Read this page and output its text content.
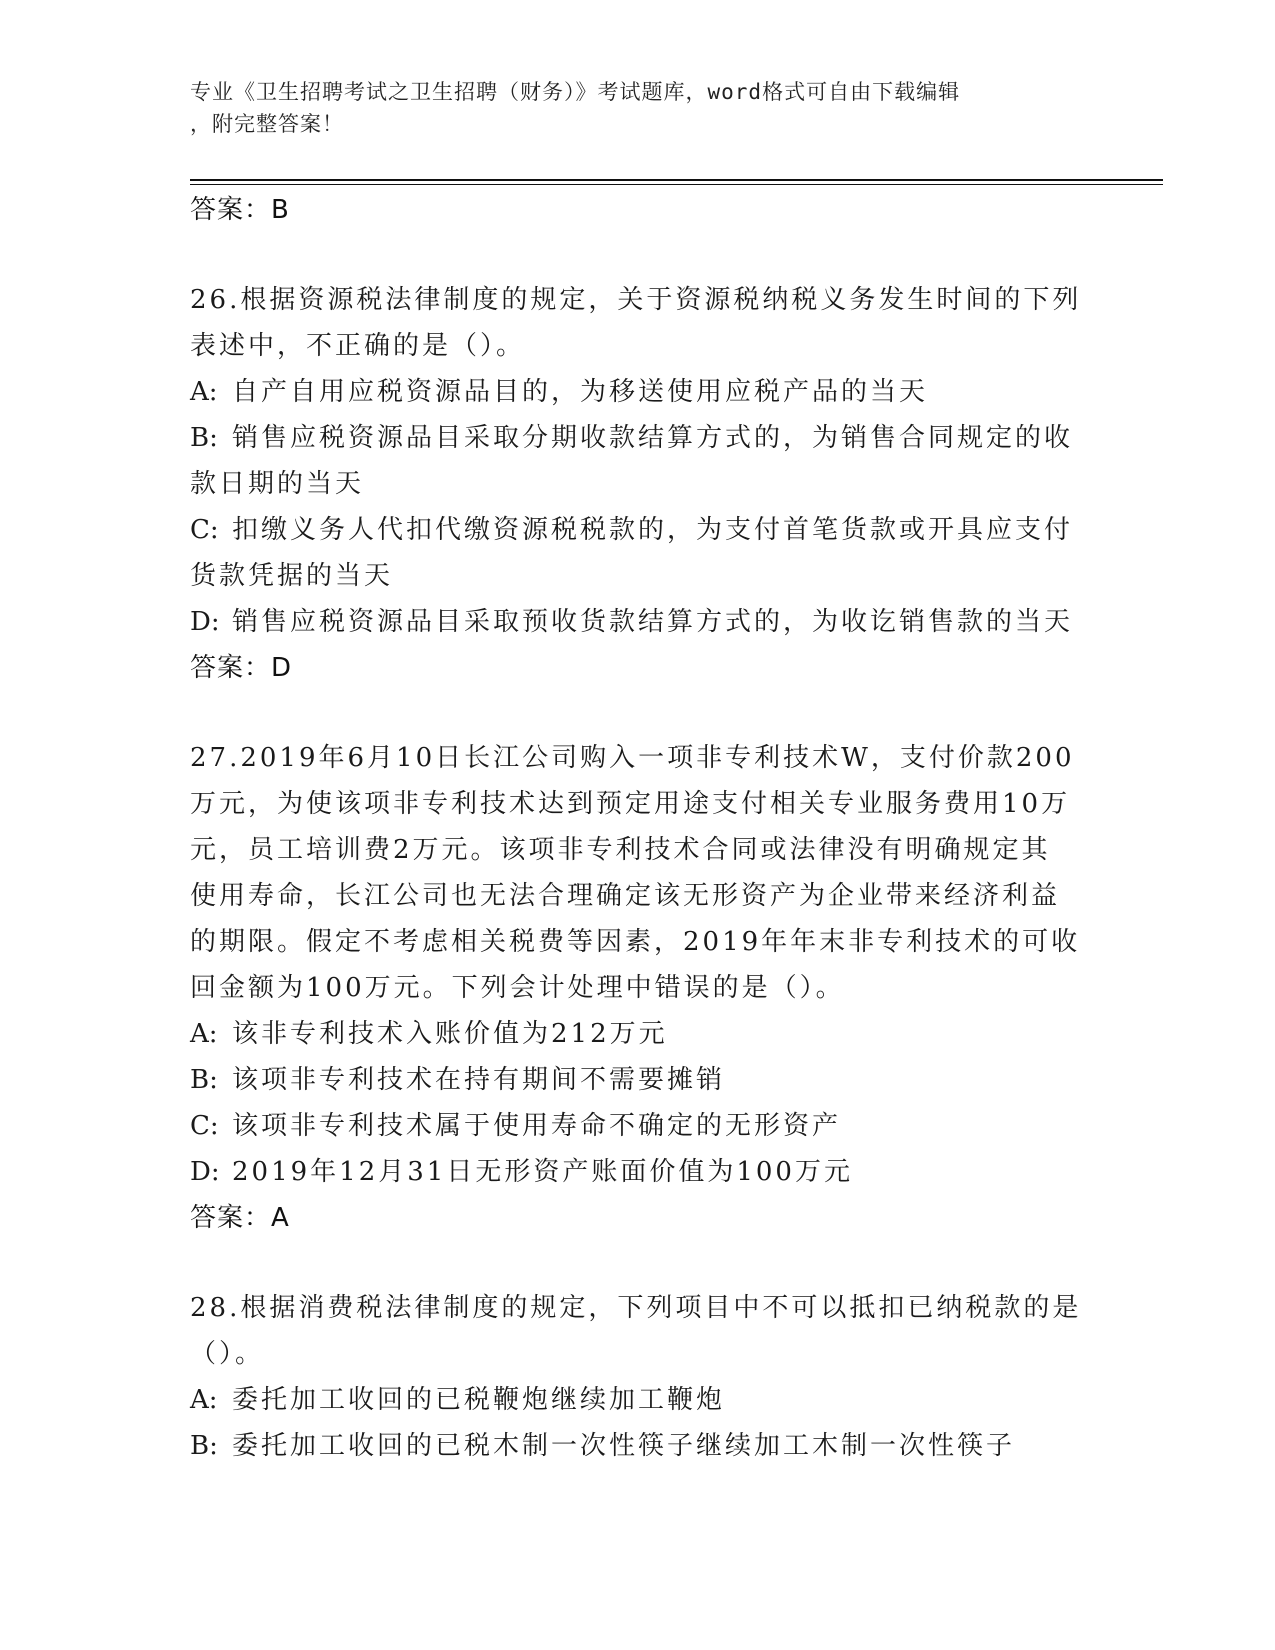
专业《卫生招聘考试之卫生招聘（财务）》考试题库，word格式可自由下载编辑
，附完整答案！

答案：B

26.根据资源税法律制度的规定，关于资源税纳税义务发生时间的下列

表述中，不正确的是（）。

A: 自产自用应税资源品目的，为移送使用应税产品的当天

B: 销售应税资源品目采取分期收款结算方式的，为销售合同规定的收

款日期的当天

C: 扣缴义务人代扣代缴资源税税款的，为支付首笔货款或开具应支付

货款凭据的当天

D: 销售应税资源品目采取预收货款结算方式的，为收讫销售款的当天

答案：D

27.2019年6月10日长江公司购入一项非专利技术W，支付价款200

万元，为使该项非专利技术达到预定用途支付相关专业服务费用10万

元，员工培训费2万元。该项非专利技术合同或法律没有明确规定其

使用寿命，长江公司也无法合理确定该无形资产为企业带来经济利益

的期限。假定不考虑相关税费等因素，2019年年末非专利技术的可收

回金额为100万元。下列会计处理中错误的是（）。

A: 该非专利技术入账价值为212万元

B: 该项非专利技术在持有期间不需要摊销

C: 该项非专利技术属于使用寿命不确定的无形资产

D: 2019年12月31日无形资产账面价值为100万元

答案：A

28.根据消费税法律制度的规定，下列项目中不可以抵扣已纳税款的是

（）。

A: 委托加工收回的已税鞭炮继续加工鞭炮

B: 委托加工收回的已税木制一次性筷子继续加工木制一次性筷子
